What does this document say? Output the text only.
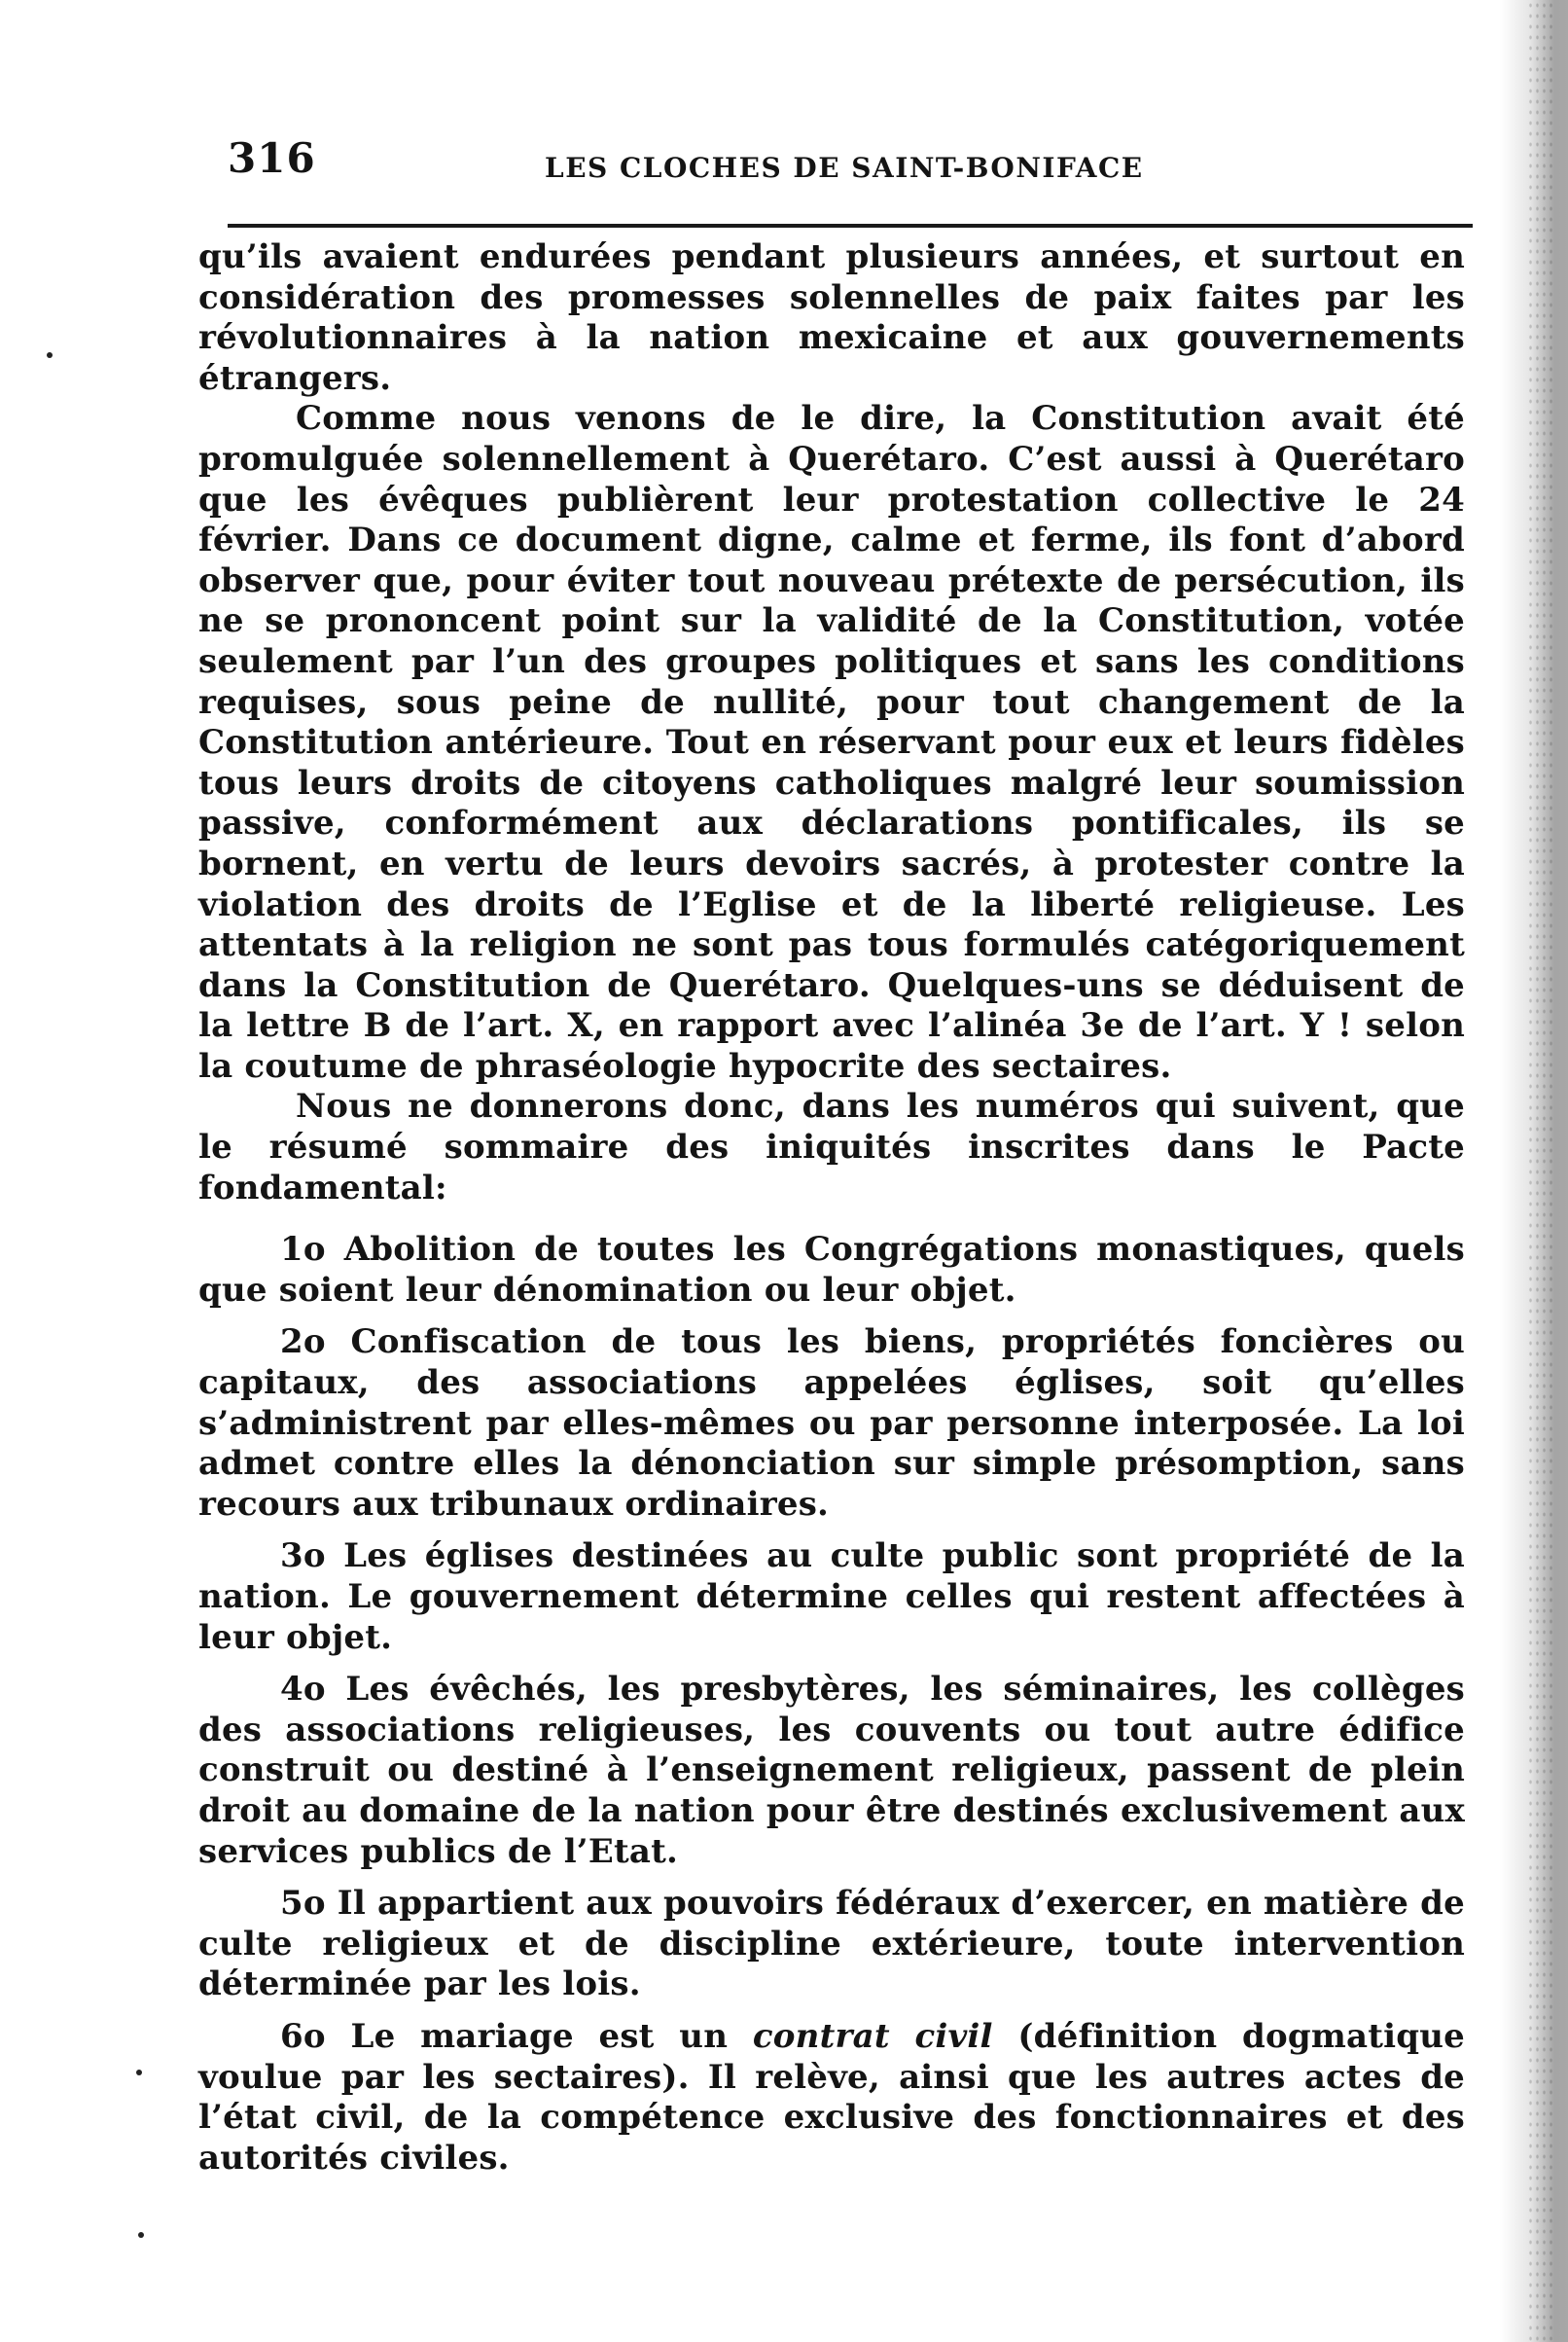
316	LES CLOCHES DE SAINT-BONIFACE

qu’ils avaient endurées pendant plusieurs années, et surtout en considération des promesses solennelles de paix faites par les révolutionnaires à la nation mexicaine et aux gouvernements étrangers.

Comme nous venons de le dire, la Constitution avait été promulguée solennellement à Querétaro. C’est aussi à Querétaro que les évêques publièrent leur protestation collective le 24 février. Dans ce document digne, calme et ferme, ils font d’abord observer que, pour éviter tout nouveau prétexte de persécution, ils ne se prononcent point sur la validité de la Constitution, votée seulement par l’un des groupes politiques et sans les conditions requises, sous peine de nullité, pour tout changement de la Constitution antérieure. Tout en réservant pour eux et leurs fidèles tous leurs droits de citoyens catholiques malgré leur soumission passive, conformément aux déclarations pontificales, ils se bornent, en vertu de leurs devoirs sacrés, à protester contre la violation des droits de l’Eglise et de la liberté religieuse. Les attentats à la religion ne sont pas tous formulés catégoriquement dans la Constitution de Querétaro. Quelques-uns se déduisent de la lettre B de l’art. X, en rapport avec l’alinéa 3e de l’art. Y ! selon la coutume de phraséologie hypocrite des sectaires.

Nous ne donnerons donc, dans les numéros qui suivent, que le résumé sommaire des iniquités inscrites dans le Pacte fondamental:

1o Abolition de toutes les Congrégations monastiques, quels que soient leur dénomination ou leur objet.

2o Confiscation de tous les biens, propriétés foncières ou capitaux, des associations appelées églises, soit qu’elles s’administrent par elles-mêmes ou par personne interposée. La loi admet contre elles la dénonciation sur simple présomption, sans recours aux tribunaux ordinaires.

3o Les églises destinées au culte public sont propriété de la nation. Le gouvernement détermine celles qui restent affectées à leur objet.

4o Les évêchés, les presbytères, les séminaires, les collèges des associations religieuses, les couvents ou tout autre édifice construit ou destiné à l’enseignement religieux, passent de plein droit au domaine de la nation pour être destinés exclusivement aux services publics de l’Etat.

5o Il appartient aux pouvoirs fédéraux d’exercer, en matière de culte religieux et de discipline extérieure, toute intervention déterminée par les lois.

6o Le mariage est un contrat civil (définition dogmatique voulue par les sectaires). Il relève, ainsi que les autres actes de l’état civil, de la compétence exclusive des fonctionnaires et des autorités civiles.
